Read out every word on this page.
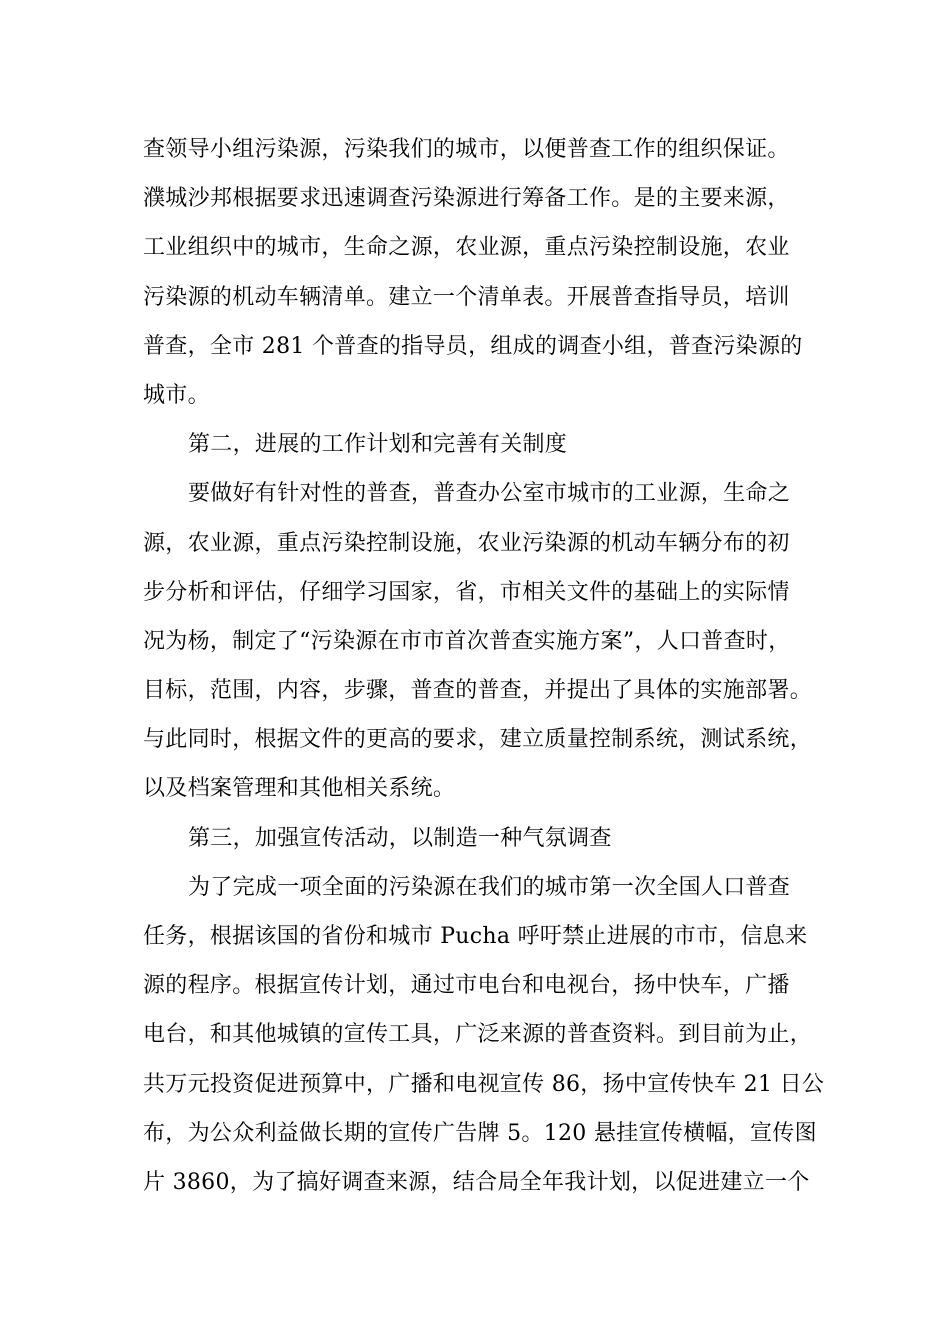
查领导小组污染源，污染我们的城市，以便普查工作的组织保证。
濮城沙邦根据要求迅速调查污染源进行筹备工作。是的主要来源，
工业组织中的城市，生命之源，农业源，重点污染控制设施，农业
污染源的机动车辆清单。建立一个清单表。开展普查指导员，培训
普查，全市 281 个普查的指导员，组成的调查小组，普查污染源的
城市。
第二，进展的工作计划和完善有关制度
要做好有针对性的普查，普查办公室市城市的工业源，生命之
源，农业源，重点污染控制设施，农业污染源的机动车辆分布的初
步分析和评估，仔细学习国家，省，市相关文件的基础上的实际情
况为杨，制定了“污染源在市市首次普查实施方案”，人口普查时，
目标，范围，内容，步骤，普查的普查，并提出了具体的实施部署。
与此同时，根据文件的更高的要求，建立质量控制系统，测试系统，
以及档案管理和其他相关系统。
第三，加强宣传活动，以制造一种气氛调查
为了完成一项全面的污染源在我们的城市第一次全国人口普查
任务，根据该国的省份和城市 Pucha 呼吁禁止进展的市市，信息来
源的程序。根据宣传计划，通过市电台和电视台，扬中快车，广播
电台，和其他城镇的宣传工具，广泛来源的普查资料。到目前为止，
共万元投资促进预算中，广播和电视宣传 86，扬中宣传快车 21 日公
布，为公众利益做长期的宣传广告牌 5。120 悬挂宣传横幅，宣传图
片 3860，为了搞好调查来源，结合局全年我计划，以促进建立一个
